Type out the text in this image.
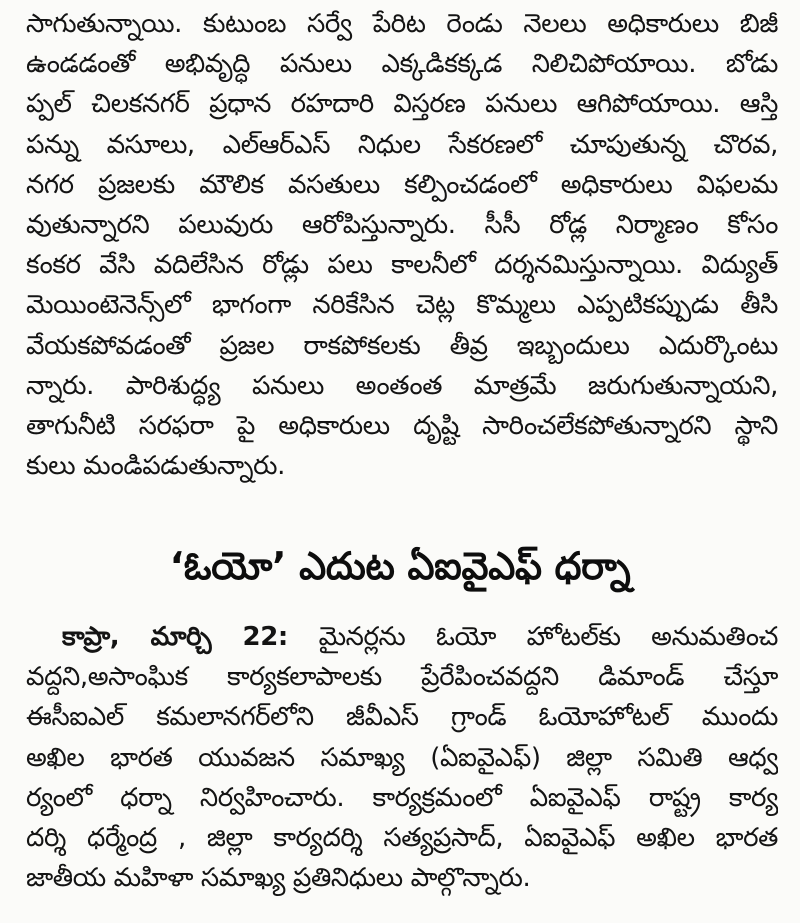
సాగుతున్నాయి. కుటుంబ సర్వే పేరిట రెండు నెలలు అధికారులు బిజీ
ఉండడంతో అభివృద్ధి పనులు ఎక్కడికక్కడ నిలిచిపోయాయి. బోడు
ప్పల్ చిలకనగర్ ప్రధాన రహదారి విస్తరణ పనులు ఆగిపోయాయి. ఆస్తి
పన్ను వసూలు, ఎల్ఆర్ఎస్ నిధుల సేకరణలో చూపుతున్న చొరవ,
నగర ప్రజలకు మౌలిక వసతులు కల్పించడంలో అధికారులు విఫలమ
వుతున్నారని పలువురు ఆరోపిస్తున్నారు. సీసీ రోడ్ల నిర్మాణం కోసం
కంకర వేసి వదిలేసిన రోడ్లు పలు కాలనీలో దర్శనమిస్తున్నాయి. విద్యుత్
మెయింటెనెన్స్‌లో భాగంగా నరికేసిన చెట్ల కొమ్మలు ఎప్పటికప్పుడు తీసి
వేయకపోవడంతో ప్రజల రాకపోకలకు తీవ్ర ఇబ్బందులు ఎదుర్కొంటు
న్నారు. పారిశుద్ధ్య పనులు అంతంత మాత్రమే జరుగుతున్నాయని,
తాగునీటి సరఫరా పై అధికారులు దృష్టి సారించలేకపోతున్నారని స్థాని
కులు మండిపడుతున్నారు.
‘ఓయో’ ఎదుట ఏఐవైఎఫ్ ధర్నా
కాప్రా, మార్చి 22: మైనర్లను ఓయో హోటల్‌కు అనుమతించ
వద్దని,అసాంఘిక కార్యకలాపాలకు ప్రేరేపించవద్దని డిమాండ్ చేస్తూ
ఈసీఐఎల్ కమలానగర్‌లోని జీవీఎస్ గ్రాండ్ ఓయోహోటల్ ముందు
అఖిల భారత యువజన సమాఖ్య (ఏఐవైఎఫ్) జిల్లా సమితి ఆధ్వ
ర్యంలో ధర్నా నిర్వహించారు. కార్యక్రమంలో ఏఐవైఎఫ్ రాష్ట్ర కార్య
దర్శి ధర్మేంద్ర , జిల్లా కార్యదర్శి సత్యప్రసాద్, ఏఐవైఎఫ్ అఖిల భారత
జాతీయ మహిళా సమాఖ్య ప్రతినిధులు పాల్గొన్నారు.
